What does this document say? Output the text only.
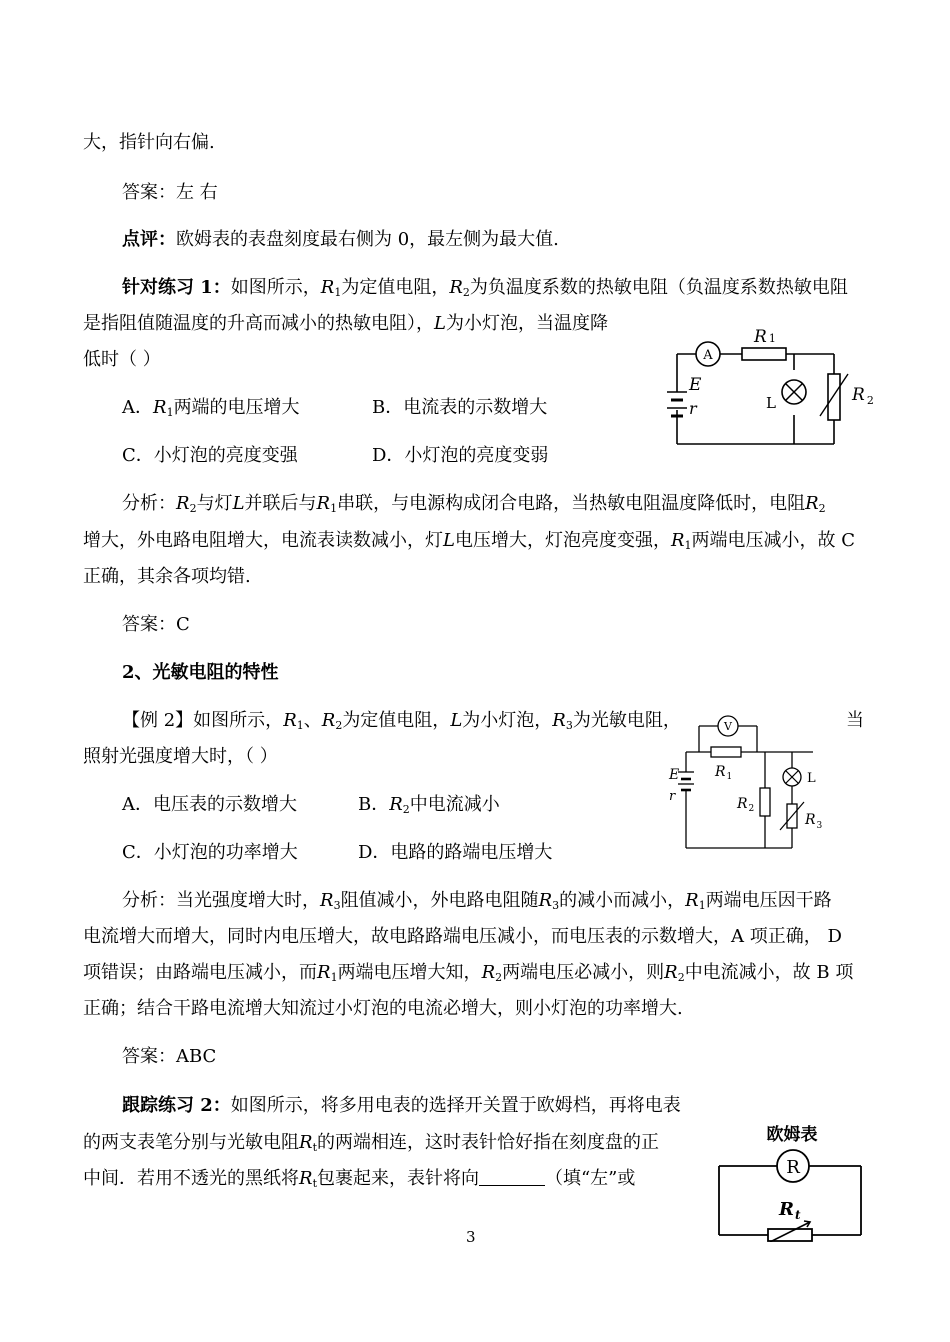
大，指针向右偏.
答案：左 右
点评：欧姆表的表盘刻度最右侧为 0，最左侧为最大值.
针对练习 1：如图所示，$R_1$为定值电阻，$R_2$为负温度系数的热敏电阻（负温度系数热敏电阻
是指阻值随温度的升高而减小的热敏电阻），L为小灯泡，当温度降
低时（ ）
A．$R_1$两端的电压增大	B．电流表的示数增大
C．小灯泡的亮度变强	D．小灯泡的亮度变弱
分析：$R_2$与灯L并联后与$R_1$串联，与电源构成闭合电路，当热敏电阻温度降低时，电阻$R_2$
增大，外电路电阻增大，电流表读数减小，灯L电压增大，灯泡亮度变强，$R_1$两端电压减小，故 C
正确，其余各项均错.
答案：C
2、光敏电阻的特性
【例 2】如图所示，$R_1$、$R_2$为定值电阻，L为小灯泡，$R_3$为光敏电阻，	当
照射光强度增大时，（ ）
A．电压表的示数增大	B．$R_2$中电流减小
C．小灯泡的功率增大	D．电路的路端电压增大
分析：当光强度增大时，$R_3$阻值减小，外电路电阻随$R_3$的减小而减小，$R_1$两端电压因干路
电流增大而增大，同时内电压增大，故电路路端电压减小，而电压表的示数增大，A 项正确， D
项错误；由路端电压减小，而$R_1$两端电压增大知，$R_2$两端电压必减小，则$R_2$中电流减小，故 B 项
正确；结合干路电流增大知流过小灯泡的电流必增大，则小灯泡的功率增大.
答案：ABC
跟踪练习 2：如图所示，将多用电表的选择开关置于欧姆档，再将电表
的两支表笔分别与光敏电阻$R_t$的两端相连，这时表针恰好指在刻度盘的正
中间．若用不透光的黑纸将$R_t$包裹起来，表针将向	（填“左”或
A
R 1
E
r	L	R $_2$
V
$R_1$
E
r	$R_2$
L
$R_3$
欧姆表
R
$R_t$
3
